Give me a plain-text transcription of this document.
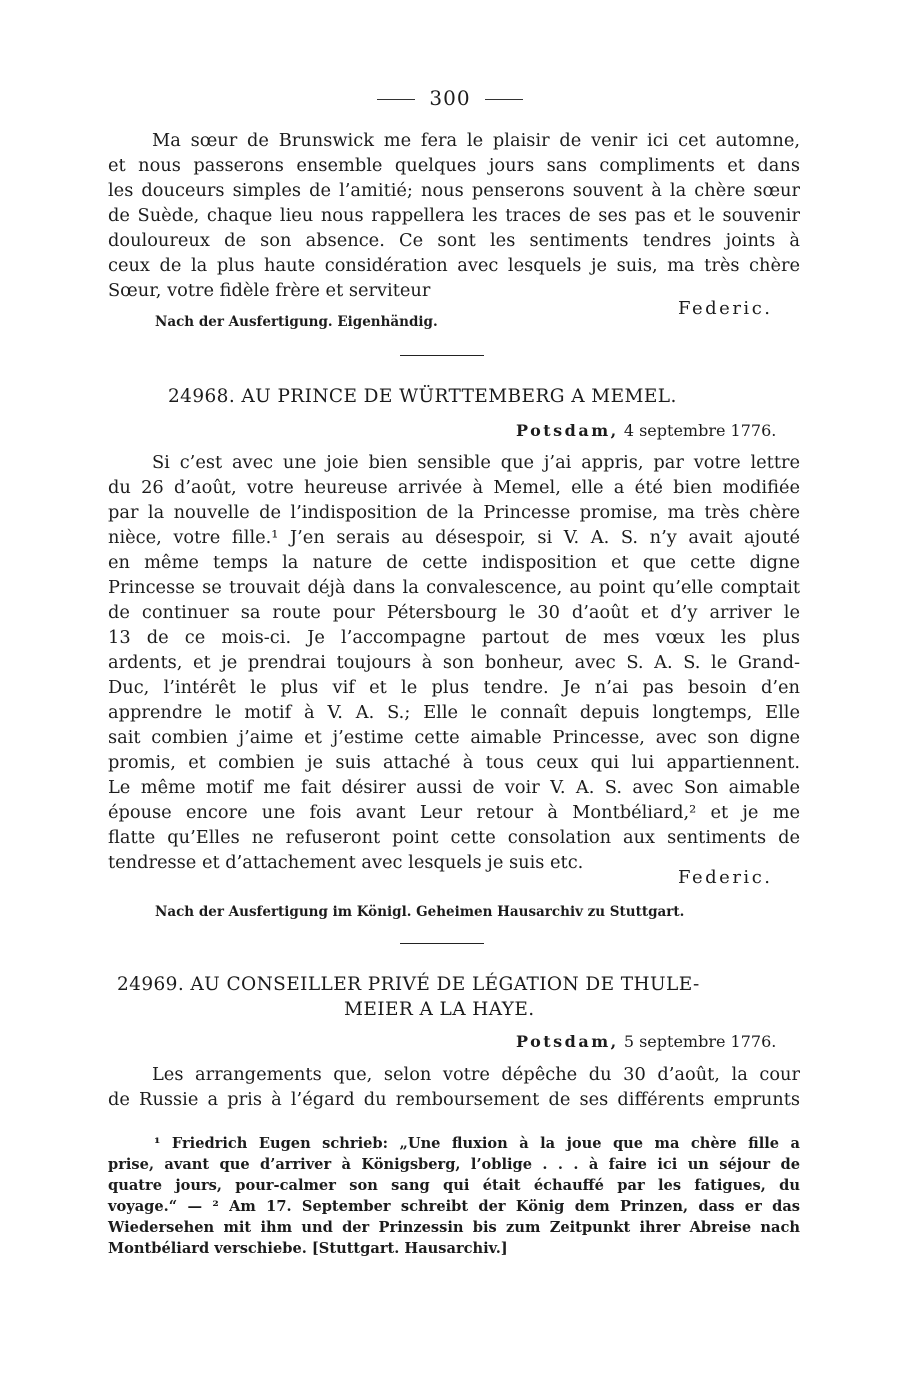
300
Ma sœur de Brunswick me fera le plaisir de venir ici cet automne,
et nous passerons ensemble quelques jours sans compliments et dans
les douceurs simples de l’amitié; nous penserons souvent à la chère sœur
de Suède, chaque lieu nous rappellera les traces de ses pas et le souvenir
douloureux de son absence. Ce sont les sentiments tendres joints à
ceux de la plus haute considération avec lesquels je suis, ma très chère
Sœur, votre fidèle frère et serviteur
Federic.
Nach der Ausfertigung. Eigenhändig.
24968. AU PRINCE DE WÜRTTEMBERG A MEMEL.
Potsdam, 4 septembre 1776.
Si c’est avec une joie bien sensible que j’ai appris, par votre lettre
du 26 d’août, votre heureuse arrivée à Memel, elle a été bien modifiée
par la nouvelle de l’indisposition de la Princesse promise, ma très chère
nièce, votre fille.¹ J’en serais au désespoir, si V. A. S. n’y avait ajouté
en même temps la nature de cette indisposition et que cette digne
Princesse se trouvait déjà dans la convalescence, au point qu’elle comptait
de continuer sa route pour Pétersbourg le 30 d’août et d’y arriver le
13 de ce mois-ci. Je l’accompagne partout de mes vœux les plus
ardents, et je prendrai toujours à son bonheur, avec S. A. S. le Grand-
Duc, l’intérêt le plus vif et le plus tendre. Je n’ai pas besoin d’en
apprendre le motif à V. A. S.; Elle le connaît depuis longtemps, Elle
sait combien j’aime et j’estime cette aimable Princesse, avec son digne
promis, et combien je suis attaché à tous ceux qui lui appartiennent.
Le même motif me fait désirer aussi de voir V. A. S. avec Son aimable
épouse encore une fois avant Leur retour à Montbéliard,² et je me
flatte qu’Elles ne refuseront point cette consolation aux sentiments de
tendresse et d’attachement avec lesquels je suis etc.
Federic.
Nach der Ausfertigung im Königl. Geheimen Hausarchiv zu Stuttgart.
24969. AU CONSEILLER PRIVÉ DE LÉGATION DE THULE-
MEIER A LA HAYE.
Potsdam, 5 septembre 1776.
Les arrangements que, selon votre dépêche du 30 d’août, la cour
de Russie a pris à l’égard du remboursement de ses différents emprunts
¹ Friedrich Eugen schrieb: „Une fluxion à la joue que ma chère fille a
prise, avant que d’arriver à Königsberg, l’oblige . . . à faire ici un séjour de
quatre jours, pour-calmer son sang qui était échauffé par les fatigues, du
voyage.“ — ² Am 17. September schreibt der König dem Prinzen, dass er das
Wiedersehen mit ihm und der Prinzessin bis zum Zeitpunkt ihrer Abreise nach
Montbéliard verschiebe. [Stuttgart. Hausarchiv.]
